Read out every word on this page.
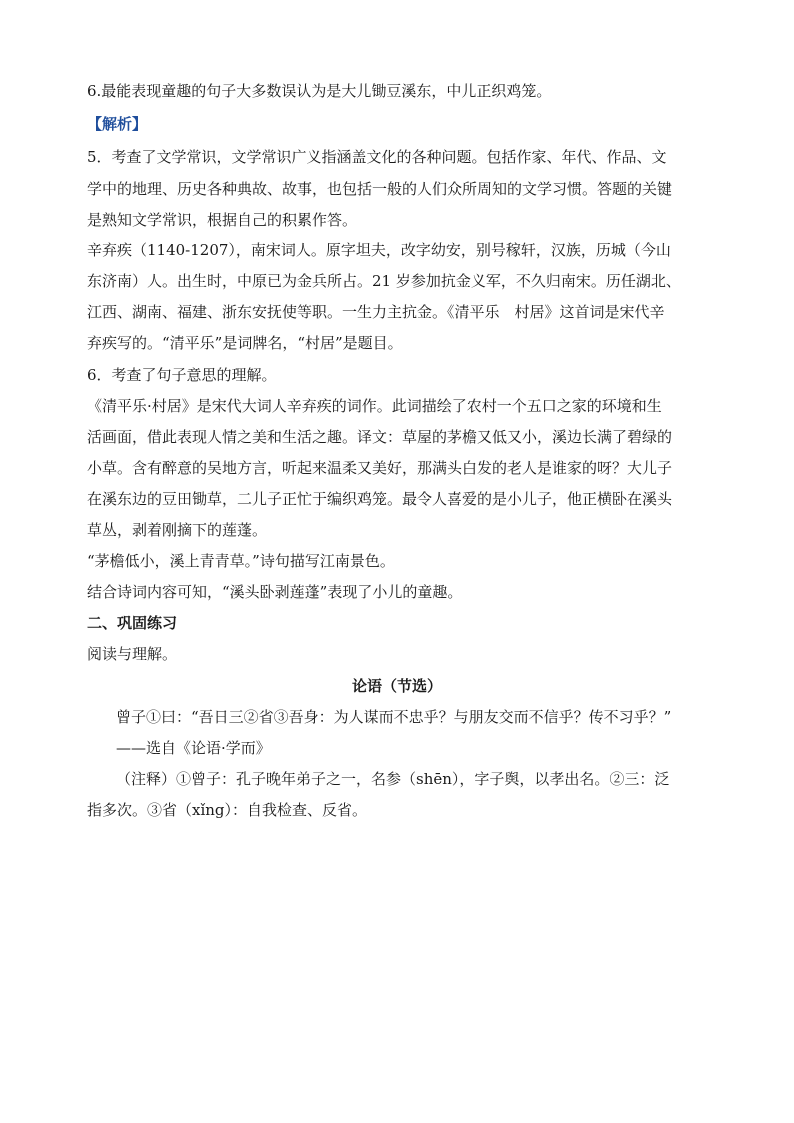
6.最能表现童趣的句子大多数误认为是大儿锄豆溪东，中儿正织鸡笼。
【解析】
5．考查了文学常识，文学常识广义指涵盖文化的各种问题。包括作家、年代、作品、文
学中的地理、历史各种典故、故事，也包括一般的人们众所周知的文学习惯。答题的关键
是熟知文学常识，根据自己的积累作答。
辛弃疾（1140-1207），南宋词人。原字坦夫，改字幼安，别号稼轩，汉族，历城（今山
东济南）人。出生时，中原已为金兵所占。21 岁参加抗金义军，不久归南宋。历任湖北、
江西、湖南、福建、浙东安抚使等职。一生力主抗金。《清平乐　村居》这首词是宋代辛
弃疾写的。“清平乐”是词牌名，“村居”是题目。
6．考查了句子意思的理解。
《清平乐·村居》是宋代大词人辛弃疾的词作。此词描绘了农村一个五口之家的环境和生
活画面，借此表现人情之美和生活之趣。译文：草屋的茅檐又低又小，溪边长满了碧绿的
小草。含有醉意的吴地方言，听起来温柔又美好，那满头白发的老人是谁家的呀？大儿子
在溪东边的豆田锄草，二儿子正忙于编织鸡笼。最令人喜爱的是小儿子，他正横卧在溪头
草丛，剥着刚摘下的莲蓬。
“茅檐低小，溪上青青草。”诗句描写江南景色。
结合诗词内容可知，“溪头卧剥莲蓬”表现了小儿的童趣。
二、巩固练习
阅读与理解。
论语（节选）
曾子①曰：“吾日三②省③吾身：为人谋而不忠乎？与朋友交而不信乎？传不习乎？”
——选自《论语·学而》
（注释）①曾子：孔子晚年弟子之一，名参（shēn），字子舆，以孝出名。②三：泛
指多次。③省（xǐng）：自我检查、反省。
